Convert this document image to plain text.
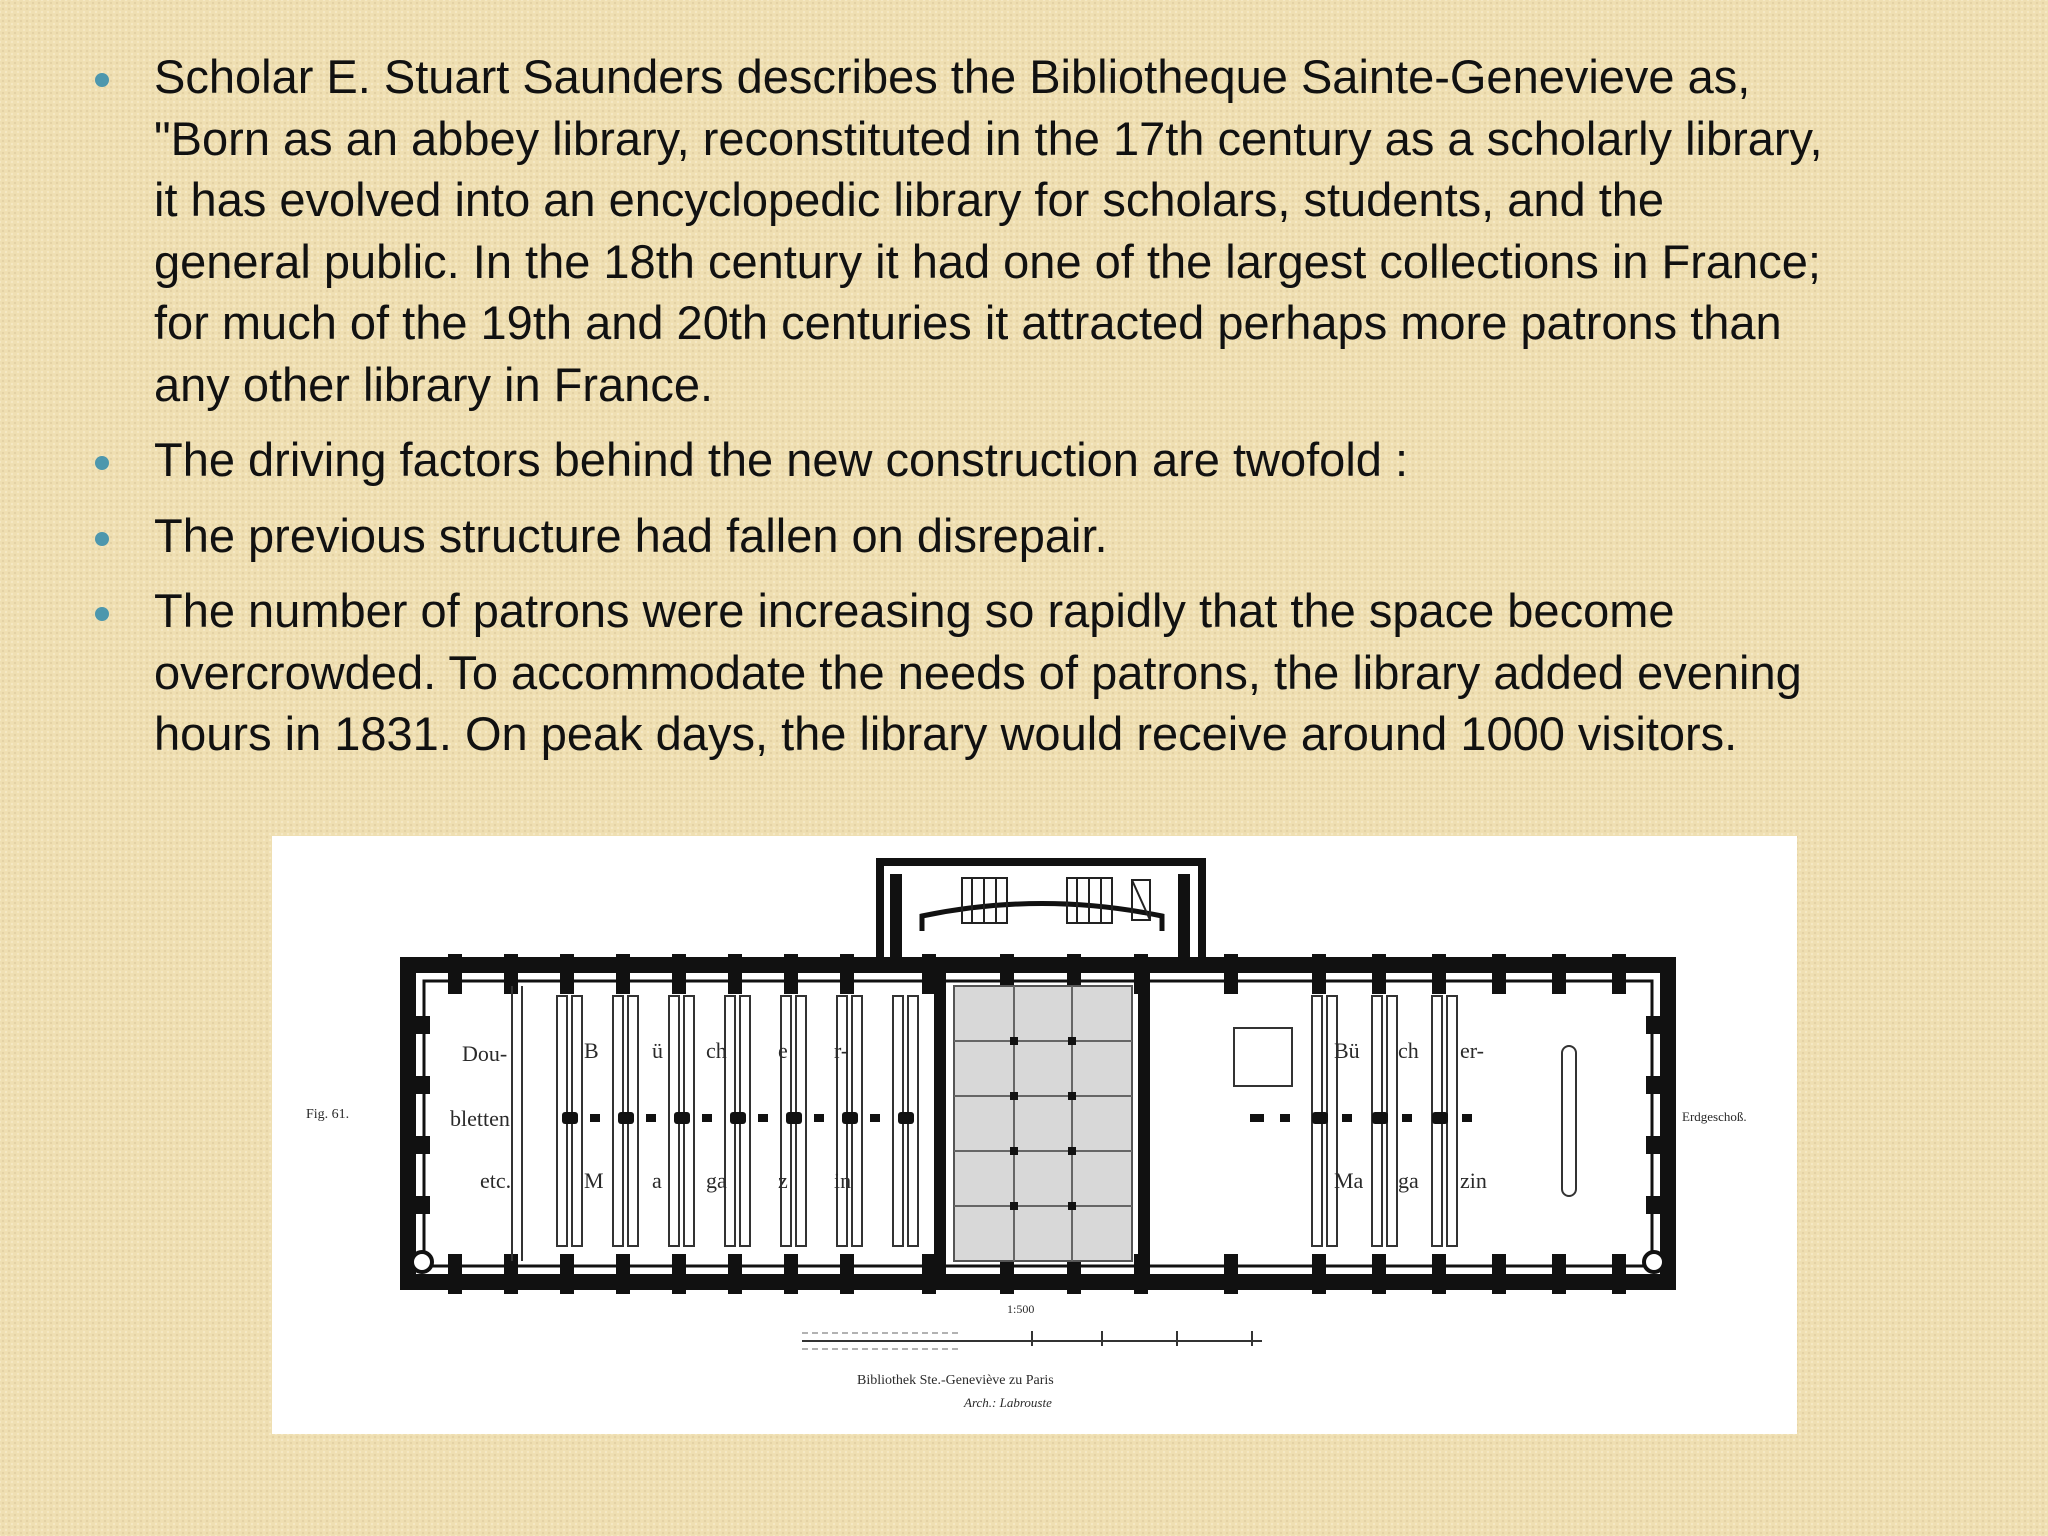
Scholar E. Stuart Saunders describes the Bibliotheque Sainte-Genevieve as,
"Born as an abbey library, reconstituted in the 17th century as a scholarly library,
it has evolved into an encyclopedic library for scholars, students, and the
general public. In the 18th century it had one of the largest collections in France;
for much of the 19th and 20th centuries it attracted perhaps more patrons than
any other library in France.
The driving factors behind the new construction are twofold :
The previous structure had fallen on disrepair.
The number of patrons were increasing so rapidly that the space become
overcrowded. To accommodate the needs of patrons, the library added evening
hours in 1831. On peak days, the library would receive around 1000 visitors.
Dou-
bletten
etc.
B ü ch e r-
M a ga z in
Bü ch er-
Ma ga zin
Fig. 61.	Erdgeschoß.
1:500
Bibliothek Ste.-Geneviève zu Paris
Arch.: Labrouste
